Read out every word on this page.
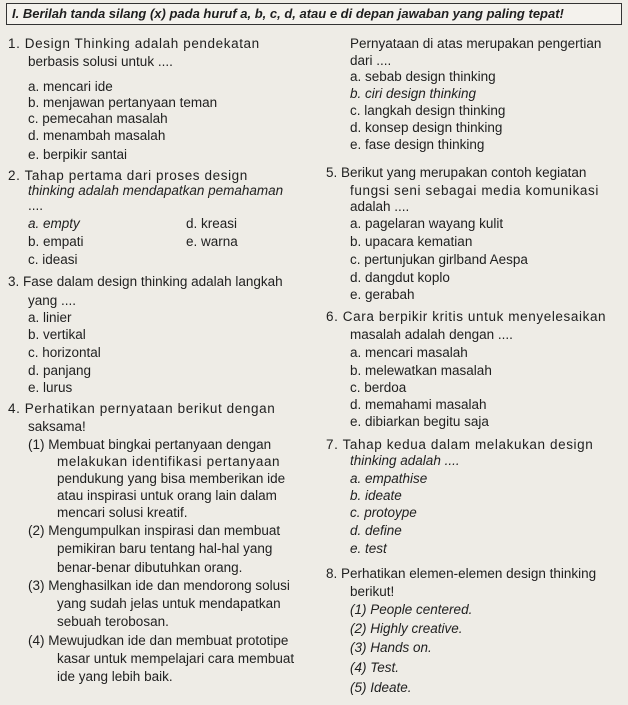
I. Berilah tanda silang (x) pada huruf a, b, c, d, atau e di depan jawaban yang paling tepat!
1. Design Thinking adalah pendekatan
berbasis solusi untuk ....
a. mencari ide
b. menjawan pertanyaan teman
c. pemecahan masalah
d. menambah masalah
e. berpikir santai
2. Tahap pertama dari proses design
thinking adalah mendapatkan pemahaman
....
a. empty	d. kreasi
b. empati	e. warna
c. ideasi
3. Fase dalam design thinking adalah langkah
yang ....
a. linier
b. vertikal
c. horizontal
d. panjang
e. lurus
4. Perhatikan pernyataan berikut dengan
saksama!
(1) Membuat bingkai pertanyaan dengan
melakukan identifikasi pertanyaan
pendukung yang bisa memberikan ide
atau inspirasi untuk orang lain dalam
mencari solusi kreatif.
(2) Mengumpulkan inspirasi dan membuat
pemikiran baru tentang hal-hal yang
benar-benar dibutuhkan orang.
(3) Menghasilkan ide dan mendorong solusi
yang sudah jelas untuk mendapatkan
sebuah terobosan.
(4) Mewujudkan ide dan membuat prototipe
kasar untuk mempelajari cara membuat
ide yang lebih baik.
Pernyataan di atas merupakan pengertian
dari ....
a. sebab design thinking
b. ciri design thinking
c. langkah design thinking
d. konsep design thinking
e. fase design thinking
5. Berikut yang merupakan contoh kegiatan
fungsi seni sebagai media komunikasi
adalah ....
a. pagelaran wayang kulit
b. upacara kematian
c. pertunjukan girlband Aespa
d. dangdut koplo
e. gerabah
6. Cara berpikir kritis untuk menyelesaikan
masalah adalah dengan ....
a. mencari masalah
b. melewatkan masalah
c. berdoa
d. memahami masalah
e. dibiarkan begitu saja
7. Tahap kedua dalam melakukan design
thinking adalah ....
a. empathise
b. ideate
c. protoype
d. define
e. test
8. Perhatikan elemen-elemen design thinking
berikut!
(1) People centered.
(2) Highly creative.
(3) Hands on.
(4) Test.
(5) Ideate.
